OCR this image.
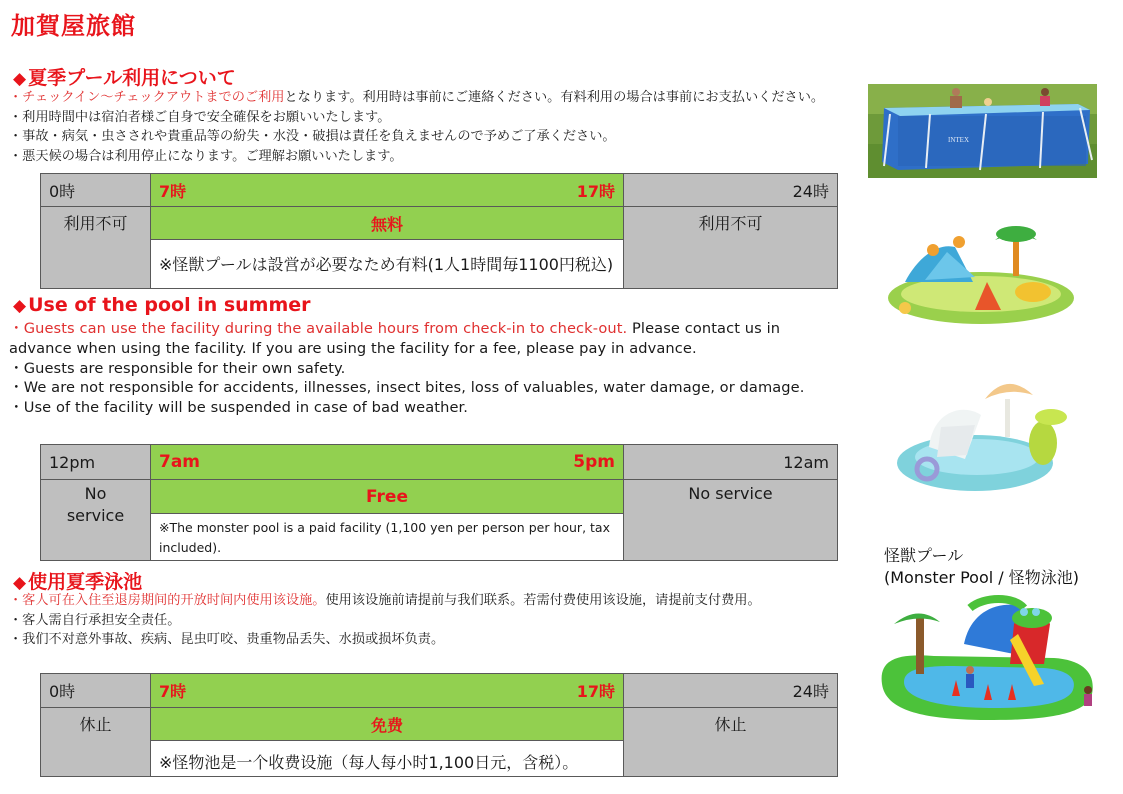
加賀屋旅館
◆ 夏季プール利用について
・チェックイン～チェックアウトまでのご利用となります。利用時は事前にご連絡ください。有料利用の場合は事前にお支払いください。
・利用時間中は宿泊者様ご自身で安全確保をお願いいたします。
・事故・病気・虫さされや貴重品等の紛失・水没・破損は責任を負えませんので予めご了承ください。
・悪天候の場合は利用停止になります。ご理解お願いいたします。
0時	7時 17時	24時
利用不可	無料	利用不可
	※怪獣プールは設営が必要なため有料(1人1時間毎1100円税込)	
◆ Use of the pool in summer
・Guests can use the facility during the available hours from check-in to check-out. Please contact us in advance when using the facility. If you are using the facility for a fee, please pay in advance.
・Guests are responsible for their own safety.
・We are not responsible for accidents, illnesses, insect bites, loss of valuables, water damage, or damage.
・Use of the facility will be suspended in case of bad weather.
12pm	7am 5pm	12am
No service	Free	No service
	※The monster pool is a paid facility (1,100 yen per person per hour, tax included).	
◆ 使用夏季泳池
・客人可在入住至退房期间的开放时间内使用该设施。使用该设施前请提前与我们联系。若需付费使用该设施，请提前支付费用。
・客人需自行承担安全责任。
・我们不对意外事故、疾病、昆虫叮咬、贵重物品丢失、水损或损坏负责。
0時	7時 17時	24時
休止	免费	休止
	※怪物池是一个收费设施（每人每小时1,100日元，含税）。	
INTEX
怪獣プール
(Monster Pool / 怪物泳池)
